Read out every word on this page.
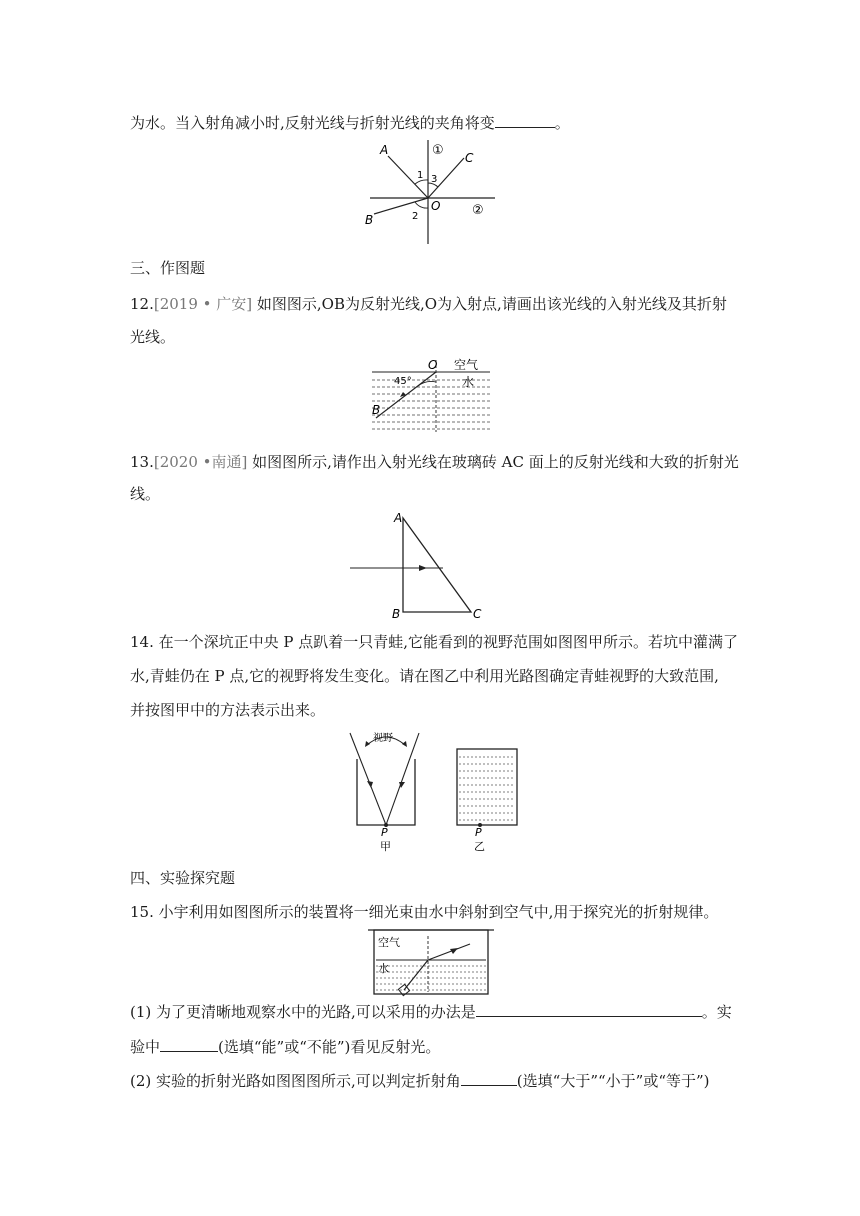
为水。当入射角减小时,反射光线与折射光线的夹角将变	。
A
B
C
O
1
2
3
①
②
三、作图题
12.[2019 • 广安] 如图图示,OB为反射光线,O为入射点,请画出该光线的入射光线及其折射
光线。
O 空气
水
45°
B
13.[2020 •南通] 如图图所示,请作出入射光线在玻璃砖 AC 面上的反射光线和大致的折射光
线。
A
B	C
14. 在一个深坑正中央 P 点趴着一只青蛙,它能看到的视野范围如图图甲所示。若坑中灌满了
水,青蛙仍在 P 点,它的视野将发生变化。请在图乙中利用光路图确定青蛙视野的大致范围,
并按图甲中的方法表示出来。
视野
P
甲
P
乙
四、实验探究题
15. 小宇利用如图图所示的装置将一细光束由水中斜射到空气中,用于探究光的折射规律。
空气
水
(1) 为了更清晰地观察水中的光路,可以采用的办法是	。实
验中	(选填“能”或“不能”)看见反射光。
(2) 实验的折射光路如图图图所示,可以判定折射角	(选填“大于”“小于”或“等于”)
